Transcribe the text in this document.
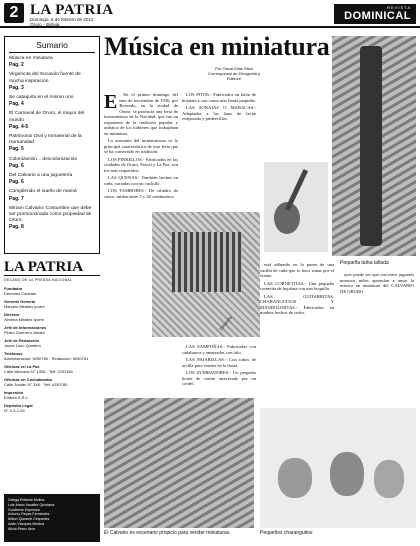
2 LA PATRIA
Domingo, 5 de febrero de 2012
Oruro - Bolivia
REVISTA
DOMINICAL
Sumario
Música en miniatura
Pag. 2
Virgencita del Socavón fuente de mucha inspiración
Pag. 3
Se cataquita en el mismo uno
Pag. 4
El Carnaval de Oruro, el mayor del mundo
Pag. 4-5
Patrimonio Oral y Inmaterial de la Humanidad
Pag. 5
Colonización... descolonización
Pag. 6
Del Calvario a una juguetería
Pag. 6
Cumpliendo el sueño de mamá
Pag. 7
Miriam Calvario: Costumbre que debe ser promocionada como propiedad de Oruro
Pag. 8
LA PATRIA
DECANO DE LA PRENSA NACIONAL
Fundador
Demetrio Canelas
Gerente General
Marcelo Miralles Iporre
Director
Ximena Miralles Iporre
Jefe de Informaciones
Pedro Guerrero Valdez
Jefe de Redacción
Josue Lazo Quintero
Teléfonos
Administración: 5250780 · Redacción: 5250761
Oficinas en La Paz
Calle Mercado N° 1328 · Telf: 2201360
Oficinas en Cochabamba
Calle Jordán N° 346 · Telf: 4250780
Impresión
Editora S.R.L.
Depósito Legal
N° 4-3-1-94
Ortega Roberto Molina
Luis Mario Vacaflor Quintana
Gualberto Espinoza
Antonio Reyes Fernández
Milton Quisbert Céspedes
Adán Vázquez Medina
Alicia Pérez Arce
Música en miniatura
Por Oscar Elias Silva
Corresponsal de Etnografía y Folklore
Pequeña tarka tallada

E En el primer domingo del mes de noviembre de 1936, por Rosendo, en la ciudad de Oruro, se producía una feria de instrumentos de la Navidad, que fue un exponente de la tradición popular y artística de los luthieres que trabajaban en miniatura.

La artesanía del miniaturismo es la principal característica de esta feria que se ha convertido en tradición.

LOS PINKILLOS.- Fabricados en las ciudades de Oruro, Potosí y La Paz, son los más requeridos.

LAS QUENAS.- También hechas en caña, cortadas con un cuchillo.

LOS TAMBORES.- De cilindro de cuero, miden entre 5 y 20 centímetros.

LOS PITOS.- Fabricados en latón de hojalata y son como una flauta pequeña.

LAS SONAJAS O MARACAS.- Adaptadas a las latas de leche evaporada y piedrecillas.

Zampoña

LAS ZAMPOÑAS.- Fabricadas con cañahueca y amarradas con hilo.

LAS PAJARILLAS.- Con tubos de arcilla para vender en la fiesta.

LOS ZUMBADORES.- Un pequeño botón de cartón atravesado por un cordel.

está adherida en la punta de una varilla de caña que lo hace sonar por el viento.

LAS CORNETITAS.- Una pequeña cornetita de hojalata con una boquilla.

LAS GUITARRITAS, CHARANGUITOS Y MANDOLINITAS.- Fabricados en madera hechos de cedro.

ayer puede ser que con estos juguetes nuestros niños aprendan a amar la música en miniatura del CALVARIO DE ORURO.

El Calvario es escenario propicio para vender miniaturas	Pequeños charanguitos
